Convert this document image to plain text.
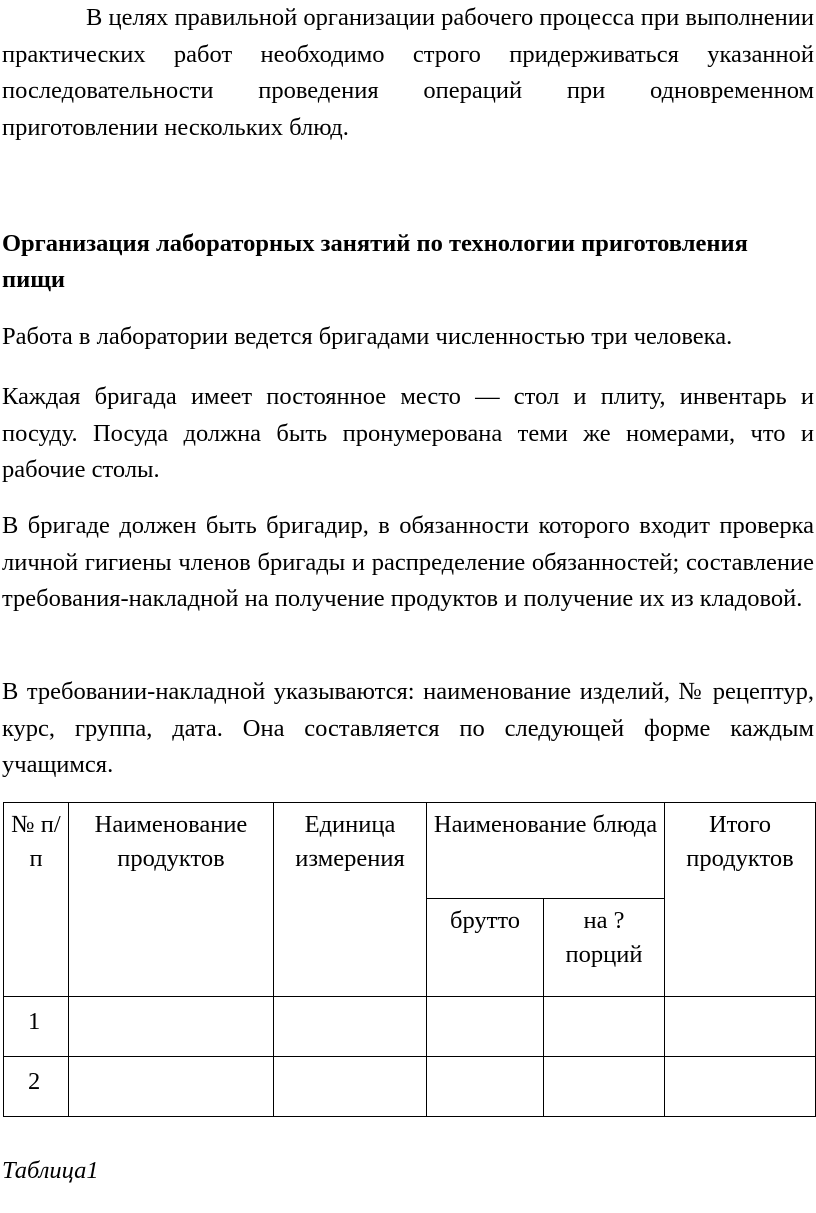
В целях правильной организации рабочего процесса при выполнении практических работ необходимо строго придерживаться указанной последовательности проведения операций при одновременном приготовлении нескольких блюд.

Организация лабораторных занятий по технологии приготовления пищи

Работа в лаборатории ведется бригадами численностью три человека.

Каждая бригада имеет постоянное место — стол и плиту, инвентарь и посуду. Посуда должна быть пронумерована теми же номерами, что и рабочие столы.

В бригаде должен быть бригадир, в обязанности которого входит проверка личной гигиены членов бригады и распределение обязанностей; составление требования-накладной на получение продуктов и получение их из кладовой.

В требовании-накладной указываются: наименование изделий, № рецептур, курс, группа, дата. Она составляется по следующей форме каждым учащимся.

№ п/п	Наименование продуктов	Единица измерения	Наименование блюда		Итого продуктов
			брутто	на ? порций	
1					
2					

Таблица1
